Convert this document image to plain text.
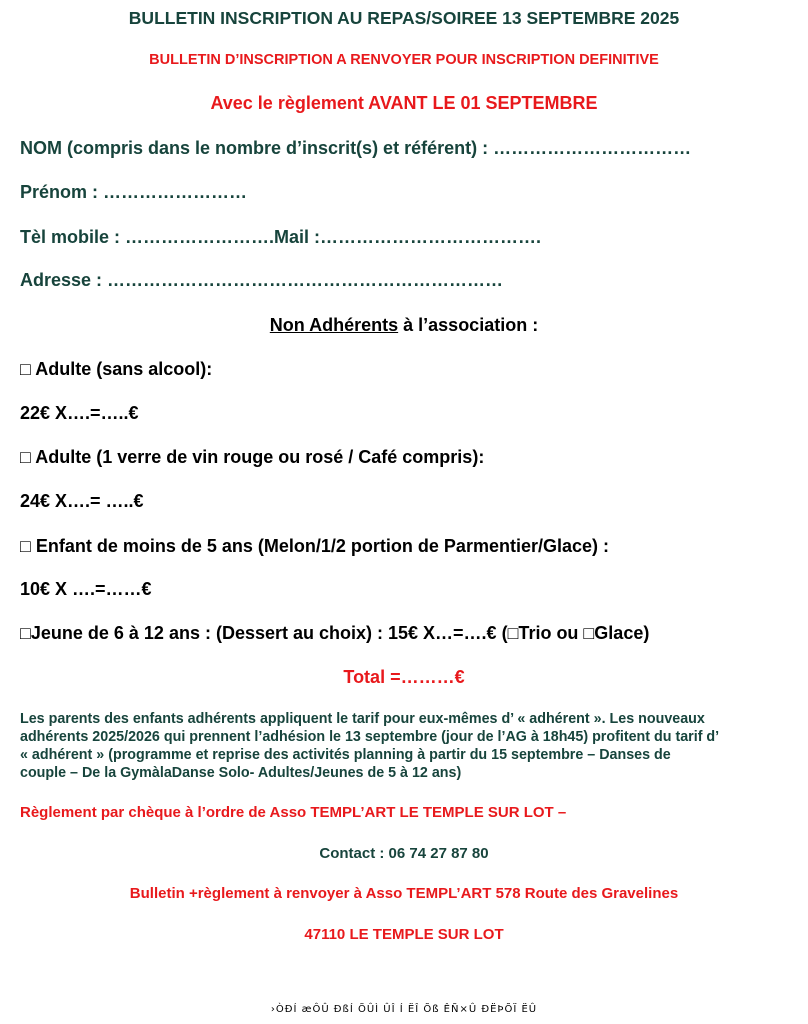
BULLETIN INSCRIPTION AU REPAS/SOIREE 13 SEPTEMBRE 2025
BULLETIN D’INSCRIPTION A RENVOYER POUR INSCRIPTION DEFINITIVE
Avec le règlement AVANT LE 01 SEPTEMBRE
NOM (compris dans le nombre d’inscrit(s) et référent) : ……………………………
Prénom : ……………………
Tèl mobile : …………………….Mail :……………………………….
Adresse : …………………………………………………………
Non Adhérents à l’association :
□ Adulte (sans alcool):
22€ X….=…..€
□ Adulte (1 verre de vin rouge ou rosé / Café compris):
24€ X….= …..€
□ Enfant de moins de 5 ans (Melon/1/2 portion de Parmentier/Glace) :
10€ X ….=……€
□Jeune de 6 à 12 ans : (Dessert au choix) : 15€ X…=….€ (□Trio ou □Glace)
Total =………€
Les parents des enfants adhérents appliquent le tarif pour eux-mêmes d’ « adhérent ». Les nouveaux adhérents 2025/2026 qui prennent l’adhésion le 13 septembre (jour de l’AG à 18h45) profitent du tarif d’ « adhérent » (programme et reprise des activités planning à partir du 15 septembre – Danses de couple – De la GymàlaDanse Solo- Adultes/Jeunes de 5 à 12 ans)
Règlement par chèque à l’ordre de Asso TEMPL’ART LE TEMPLE SUR LOT –
Contact : 06 74 27 87 80
Bulletin +règlement à renvoyer à Asso TEMPL’ART 578 Route des Gravelines
47110 LE TEMPLE SUR LOT
›ÒĐÍ æÔÛ ĐßÍ ÕÛÌ ÛÎ Í ËÎ Õß ÊÑ×Û ÐËÞÕÏ ËÛ
